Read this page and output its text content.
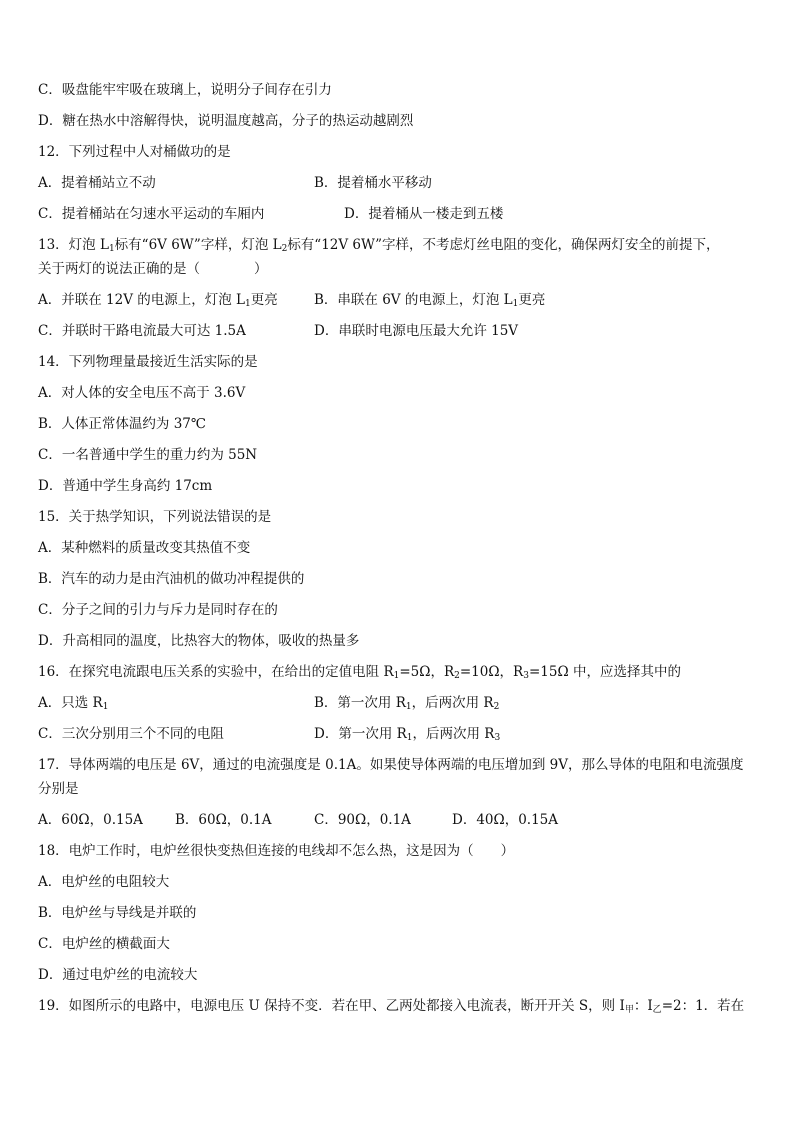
C．吸盘能牢牢吸在玻璃上，说明分子间存在引力
D．糖在热水中溶解得快，说明温度越高，分子的热运动越剧烈
12．下列过程中人对桶做功的是
A．提着桶站立不动	B．提着桶水平移动
C．提着桶站在匀速水平运动的车厢内	D．提着桶从一楼走到五楼
13．灯泡 $L_1$标有“6V 6W”字样，灯泡 $L_2$标有“12V 6W”字样，不考虑灯丝电阻的变化，确保两灯安全的前提下，
关于两灯的说法正确的是（　　　　）
A．并联在 12V 的电源上，灯泡 $L_1$更亮	B．串联在 6V 的电源上，灯泡 $L_1$更亮
C．并联时干路电流最大可达 1.5A	D．串联时电源电压最大允许 15V
14．下列物理量最接近生活实际的是
A．对人体的安全电压不高于 3.6V
B．人体正常体温约为 37℃
C．一名普通中学生的重力约为 55N
D．普通中学生身高约 17cm
15．关于热学知识，下列说法错误的是
A．某种燃料的质量改变其热值不变
B．汽车的动力是由汽油机的做功冲程提供的
C．分子之间的引力与斥力是同时存在的
D．升高相同的温度，比热容大的物体，吸收的热量多
16．在探究电流跟电压关系的实验中，在给出的定值电阻 $R_1=5\Omega$，$R_2=10\Omega$，$R_3=15\Omega$ 中，应选择其中的
A．只选 $R_1$	B．第一次用 $R_1$，后两次用 $R_2$
C．三次分别用三个不同的电阻	D．第一次用 $R_1$，后两次用 $R_3$
17．导体两端的电压是 6V，通过的电流强度是 0.1A。如果使导体两端的电压增加到 9V，那么导体的电阻和电流强度
分别是
A．60Ω，0.15A B．60Ω，0.1A	C．90Ω，0.1A	D．40Ω，0.15A
18．电炉工作时，电炉丝很快变热但连接的电线却不怎么热，这是因为（　　）
A．电炉丝的电阻较大
B．电炉丝与导线是并联的
C．电炉丝的横截面大
D．通过电炉丝的电流较大
19．如图所示的电路中，电源电压 U 保持不变．若在甲、乙两处都接入电流表，断开开关 S，则 $I_甲$：$I_乙=2$：1．若在
